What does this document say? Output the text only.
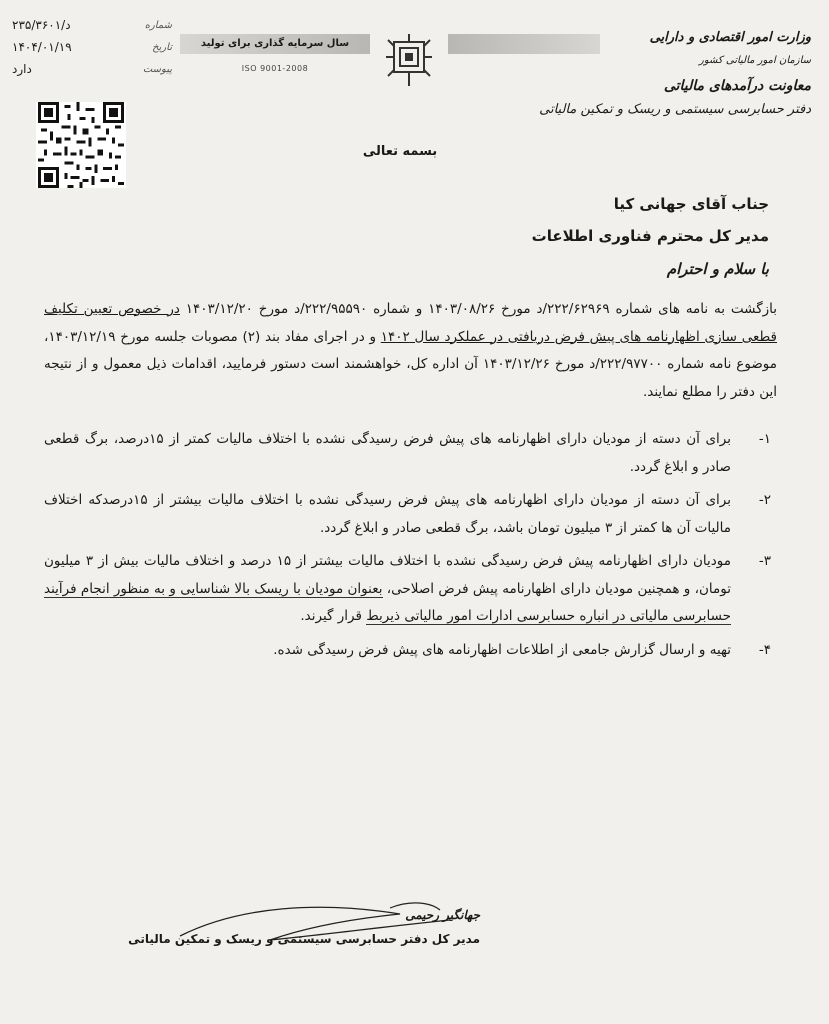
۲۳۵/۳۶۰۱/د	شماره
۱۴۰۴/۰۱/۱۹	تاریخ
دارد	پیوست
سال سرمایه گذاری برای تولید
ISO 9001-2008
وزارت امور اقتصادی و دارایی
سازمان امور مالیاتی کشور
معاونت درآمدهای مالیاتی
دفتر حسابرسی سیستمی و ریسک و تمکین مالیاتی
بسمه تعالی
جناب آقای جهانی کیا
مدیر کل محترم فناوری اطلاعات
با سلام و احترام

بازگشت به نامه های شماره ۲۲۲/۶۲۹۶۹/د مورخ ۱۴۰۳/۰۸/۲۶ و شماره ۲۲۲/۹۵۵۹۰/د مورخ ۱۴۰۳/۱۲/۲۰ در خصوص تعیین تکلیف قطعی سازی اظهارنامه های پیش فرض دریافتی در عملکرد سال ۱۴۰۲ و در اجرای مفاد بند (۲) مصوبات جلسه مورخ ۱۴۰۳/۱۲/۱۹، موضوع نامه شماره ۲۲۲/۹۷۷۰۰/د مورخ ۱۴۰۳/۱۲/۲۶ آن اداره کل، خواهشمند است دستور فرمایید، اقدامات ذیل معمول و از نتیجه این دفتر را مطلع نمایند.

۱-
برای آن دسته از مودیان دارای اظهارنامه های پیش فرض رسیدگی نشده با اختلاف مالیات کمتر از ۱۵درصد، برگ قطعی صادر و ابلاغ گردد.
۲-
برای آن دسته از مودیان دارای اظهارنامه های پیش فرض رسیدگی نشده با اختلاف مالیات بیشتر از ۱۵درصدکه اختلاف مالیات آن ها کمتر از ۳ میلیون تومان باشد، برگ قطعی صادر و ابلاغ گردد.
۳-
مودیان دارای اظهارنامه پیش فرض رسیدگی نشده با اختلاف مالیات بیشتر از ۱۵ درصد و اختلاف مالیات بیش از ۳ میلیون تومان، و همچنین مودیان دارای اظهارنامه پیش فرض اصلاحی، بعنوان مودیان با ریسک بالا شناسایی و به منظور انجام فرآیند حسابرسی مالیاتی در انباره حسابرسی ادارات امور مالیاتی ذیربط قرار گیرند.
۴-
تهیه و ارسال گزارش جامعی از اطلاعات اظهارنامه های پیش فرض رسیدگی شده.
جهانگیر رحیمی
مدیر کل دفتر حسابرسی سیستمی و ریسک و تمکین مالیاتی
